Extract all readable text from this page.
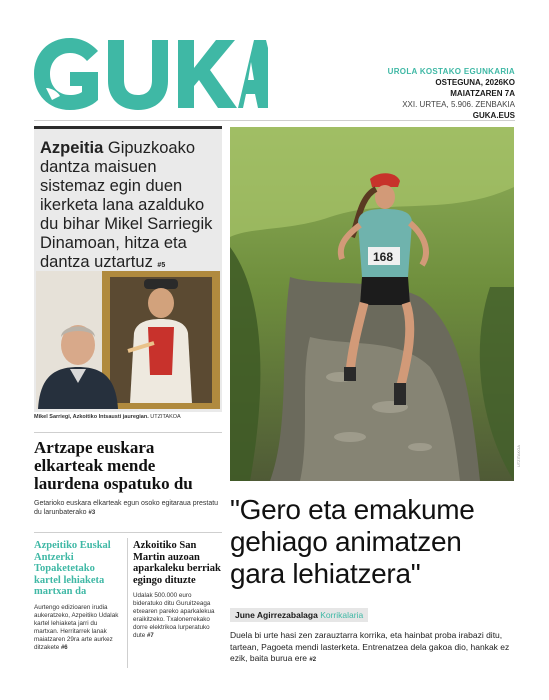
UROLA KOSTAKO EGUNKARIA
OSTEGUNA, 2026KO
MAIATZAREN 7A
XXI. URTEA, 5.906. ZENBAKIA
GUKA.EUS
Azpeitia Gipuzkoako dantza maisuen sistemaz egin duen ikerketa lana azalduko du bihar Mikel Sarriegik Dinamoan, hitza eta dantza uztartuz #5
Mikel Sarriegi, Azkoitiko Intsausti jauregian. UTZITAKOA
Artzape euskara elkarteak mende laurdena ospatuko du

Getarioko euskara elkarteak egun osoko egitaraua prestatu du larunbaterako #3

Azpeitiko Euskal Antzerki Topaketetako kartel lehiaketa martxan da

Aurtengo edizioaren irudia aukeratzeko, Azpeitiko Udalak kartel lehiaketa jarri du martxan. Herritarrek lanak maiatzaren 29ra arte aurkez ditzakete #6

Azkoitiko San Martin auzoan aparkaleku berriak egingo dituzte

Udalak 500.000 euro bideratuko ditu Guruitzeaga etxearen pareko aparkalekua eraikitzeko. Txalonerrekako dorre elektrikoa lurperatuko dute #7

168
UTZITAKOA
"Gero eta emakume gehiago animatzen gara lehiatzera"
June Agirrezabalaga Korrikalaria

Duela bi urte hasi zen zarauztarra korrika, eta hainbat proba irabazi ditu, tartean, Pagoeta mendi lasterketa. Entrenatzea dela gakoa dio, hankak ez ezik, baita burua ere #2
